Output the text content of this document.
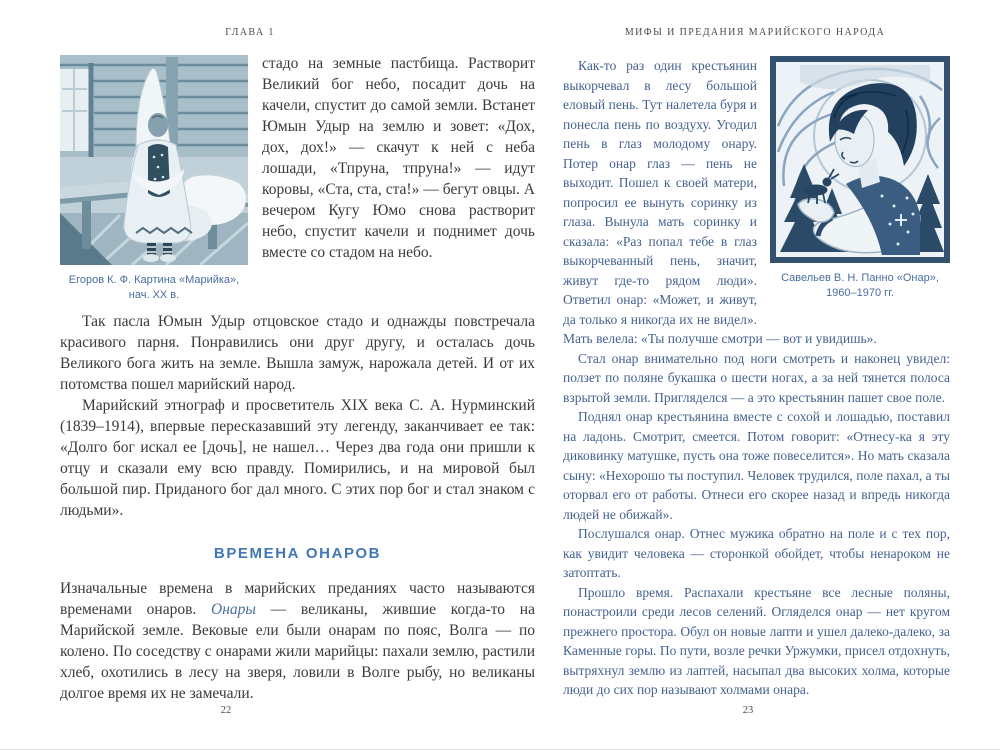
ГЛАВА 1	МИФЫ И ПРЕДАНИЯ МАРИЙСКОГО НАРОДА
Егоров К. Ф. Картина «Марийка»,
нач. XX в.

стадо на земные пастбища. Растворит Великий бог небо, посадит дочь на качели, спустит до самой земли. Встанет Юмын Удыр на землю и зовет: «Дох, дох, дох!» — скачут к ней с неба лошади, «Тпруна, тпруна!» — идут коровы, «Ста, ста, ста!» — бегут овцы. А вечером Кугу Юмо снова растворит небо, спустит качели и поднимет дочь вместе со стадом на небо.

Так пасла Юмын Удыр отцовское стадо и однажды повстречала красивого парня. Понравились они друг другу, и осталась дочь Великого бога жить на земле. Вышла замуж, нарожала детей. И от их потомства пошел марийский народ.

Марийский этнограф и просветитель XIX века С. А. Нурминский (1839–1914), впервые пересказавший эту легенду, заканчивает ее так: «Долго бог искал ее [дочь], не нашел… Через два года они пришли к отцу и сказали ему всю правду. Помирились, и на мировой был большой пир. Приданого бог дал много. С этих пор бог и стал знаком с людьми».

ВРЕМЕНА ОНАРОВ

Изначальные времена в марийских преданиях часто называются временами онаров. Онары — великаны, жившие когда-то на Марийской земле. Вековые ели были онарам по пояс, Волга — по колено. По соседству с онарами жили марийцы: пахали землю, растили хлеб, охотились в лесу на зверя, ловили в Волге рыбу, но великаны долгое время их не замечали.

Савельев В. Н. Панно «Онар»,
1960–1970 гг.

Как-то раз один крестьянин выкорчевал в лесу большой еловый пень. Тут налетела буря и понесла пень по воздуху. Угодил пень в глаз молодому онару. Потер онар глаз — пень не выходит. Пошел к своей матери, попросил ее вынуть соринку из глаза. Вынула мать соринку и сказала: «Раз попал тебе в глаз выкорчеванный пень, значит, живут где-то рядом люди». Ответил онар: «Может, и живут, да только я никогда их не видел». Мать велела: «Ты получше смотри — вот и увидишь».

Стал онар внимательно под ноги смотреть и наконец увидел: ползет по поляне букашка о шести ногах, а за ней тянется полоса взрытой земли. Пригляделся — а это крестьянин пашет свое поле.

Поднял онар крестьянина вместе с сохой и лошадью, поставил на ладонь. Смотрит, смеется. Потом говорит: «Отнесу-ка я эту диковинку матушке, пусть она тоже повеселится». Но мать сказала сыну: «Нехорошо ты поступил. Человек трудился, поле пахал, а ты оторвал его от работы. Отнеси его скорее назад и впредь никогда людей не обижай».

Послушался онар. Отнес мужика обратно на поле и с тех пор, как увидит человека — сторонкой обойдет, чтобы ненароком не затоптать.

Прошло время. Распахали крестьяне все лесные поляны, понастроили среди лесов селений. Огляделся онар — нет кругом прежнего простора. Обул он новые лапти и ушел далеко-далеко, за Каменные горы. По пути, возле речки Уржумки, присел отдохнуть, вытряхнул землю из лаптей, насыпал два высоких холма, которые люди до сих пор называют холмами онара.

22	23
